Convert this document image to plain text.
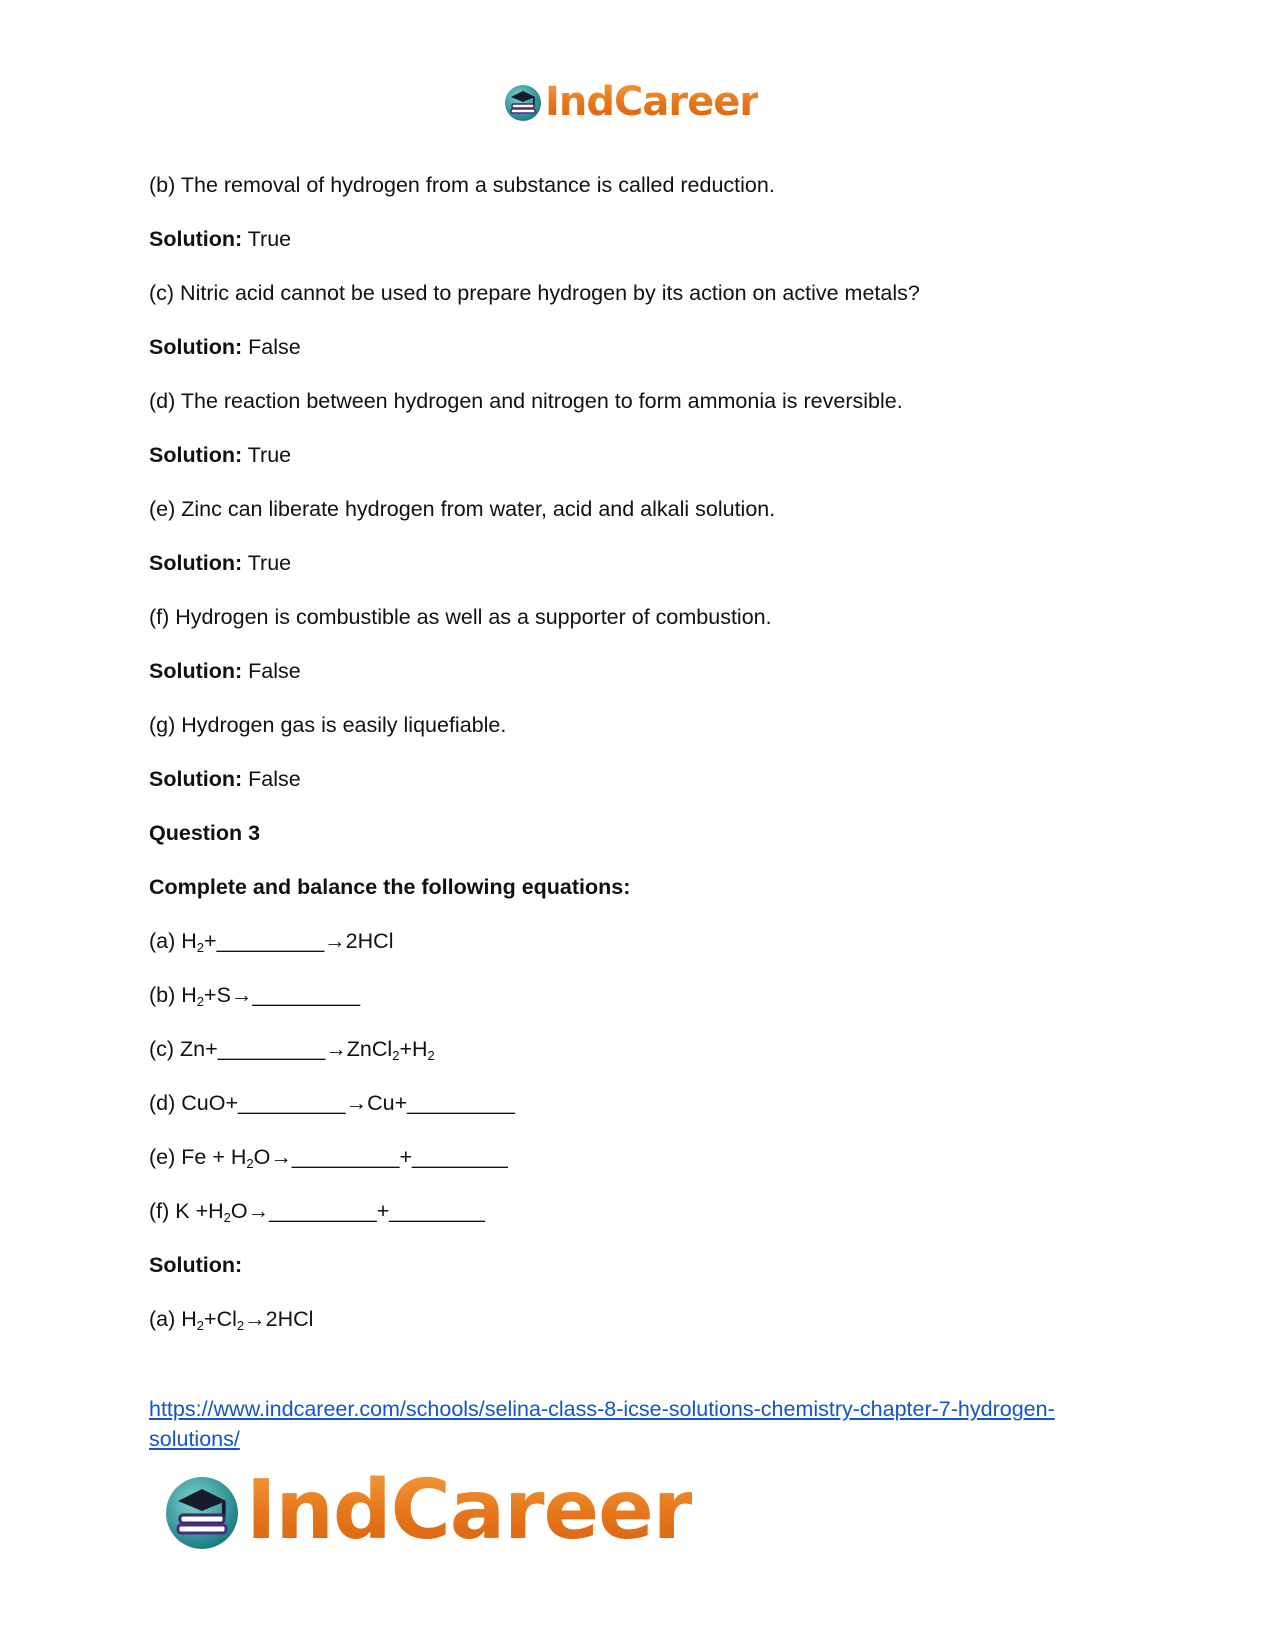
IndCareer
(b) The removal of hydrogen from a substance is called reduction.
Solution: True
(c) Nitric acid cannot be used to prepare hydrogen by its action on active metals?
Solution: False
(d) The reaction between hydrogen and nitrogen to form ammonia is reversible.
Solution: True
(e) Zinc can liberate hydrogen from water, acid and alkali solution.
Solution: True
(f) Hydrogen is combustible as well as a supporter of combustion.
Solution: False
(g) Hydrogen gas is easily liquefiable.
Solution: False
Question 3
Complete and balance the following equations:
(a) $H_2+\_\_\_\_\_\_\_\_\_\to 2HCl$
(b) $H_2+S\to\_\_\_\_\_\_\_\_\_$
(c) $Zn+\_\_\_\_\_\_\_\_\_\to ZnCl_2+H_2$
(d) CuO+_________→Cu+_________
(e) $Fe + H_2O\to\_\_\_\_\_\_\_\_\_+\_\_\_\_\_\_\_\_$
(f) $K +H_2O\to\_\_\_\_\_\_\_\_\_+\_\_\_\_\_\_\_\_$
Solution:
(a) $H_2+Cl_2\to 2HCl$
https://www.indcareer.com/schools/selina-class-8-icse-solutions-chemistry-chapter-7-hydrogen-solutions/
IndCareer
